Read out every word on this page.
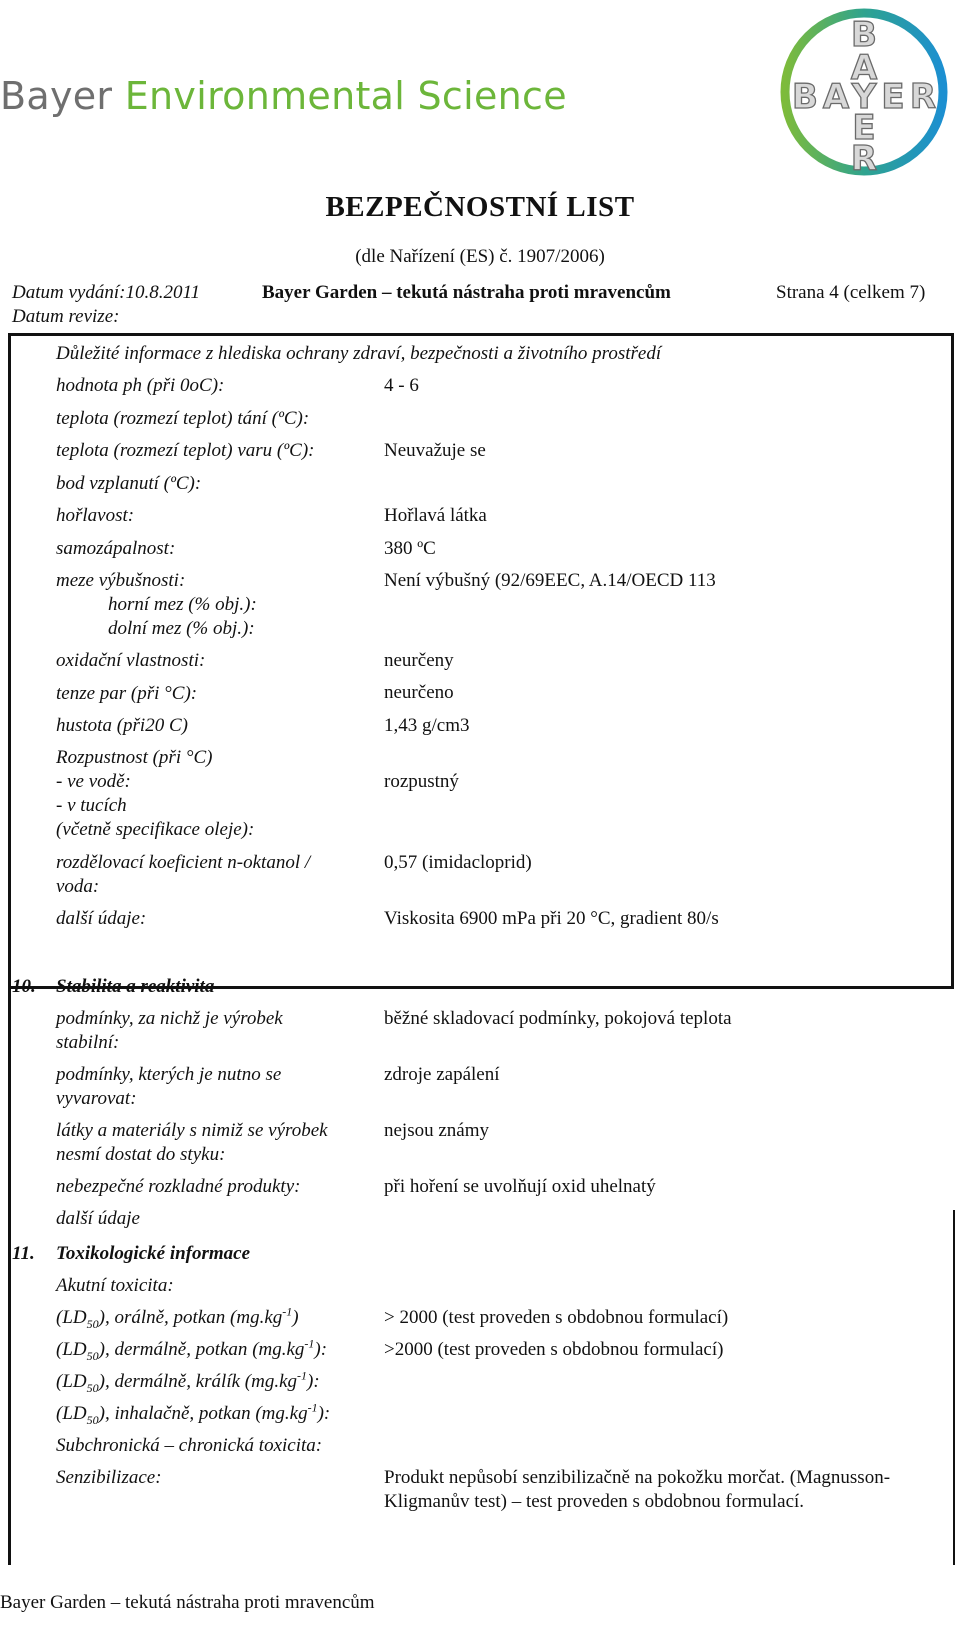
Bayer Environmental Science
B
A
B A Y E R
E
R
BEZPEČNOSTNÍ LIST
(dle Nařízení (ES) č. 1907/2006)
Datum vydání:10.8.2011
Datum revize:
Bayer Garden – tekutá nástraha proti mravencům	Strana 4 (celkem 7)
Důležité informace z hlediska ochrany zdraví, bezpečnosti a životního prostředí
hodnota ph (při 0oC):	4 - 6
teplota (rozmezí teplot) tání (ºC):
teplota (rozmezí teplot) varu (ºC):	Neuvažuje se
bod vzplanutí (ºC):
hořlavost:	Hořlavá látka
samozápalnost:	380 ºC
meze výbušnosti:	Není výbušný (92/69EEC, A.14/OECD 113
horní mez (% obj.):
dolní mez (% obj.):
oxidační vlastnosti:	neurčeny
tenze par (při °C):	neurčeno
hustota (při20 C)	1,43 g/cm3
Rozpustnost (při °C)
- ve vodě:	rozpustný
- v tucích
(včetně specifikace oleje):
rozdělovací koeficient n-oktanol /	0,57 (imidacloprid)
voda:
další údaje:	Viskosita 6900 mPa při 20 °C, gradient 80/s
10. Stabilita a reaktivita
podmínky, za nichž je výrobek	běžné skladovací podmínky, pokojová teplota
stabilní:
podmínky, kterých je nutno se	zdroje zapálení
vyvarovat:
látky a materiály s nimiž se výrobek	nejsou známy
nesmí dostat do styku:
nebezpečné rozkladné produkty:	při hoření se uvolňují oxid uhelnatý
další údaje
11. Toxikologické informace
Akutní toxicita:
$(LD_{50})$, orálně, potkan $(mg.kg^{-1})$	> 2000 (test proveden s obdobnou formulací)
$(LD_{50})$, dermálně, potkan $(mg.kg^{-1})$:	>2000 (test proveden s obdobnou formulací)
$(LD_{50})$, dermálně, králík $(mg.kg^{-1})$:
$(LD_{50})$, inhalačně, potkan $(mg.kg^{-1})$:
Subchronická – chronická toxicita:
Senzibilizace:	Produkt nepůsobí senzibilizačně na pokožku morčat. (Magnusson-
Kligmanův test) – test proveden s obdobnou formulací.
Bayer Garden – tekutá nástraha proti mravencům
